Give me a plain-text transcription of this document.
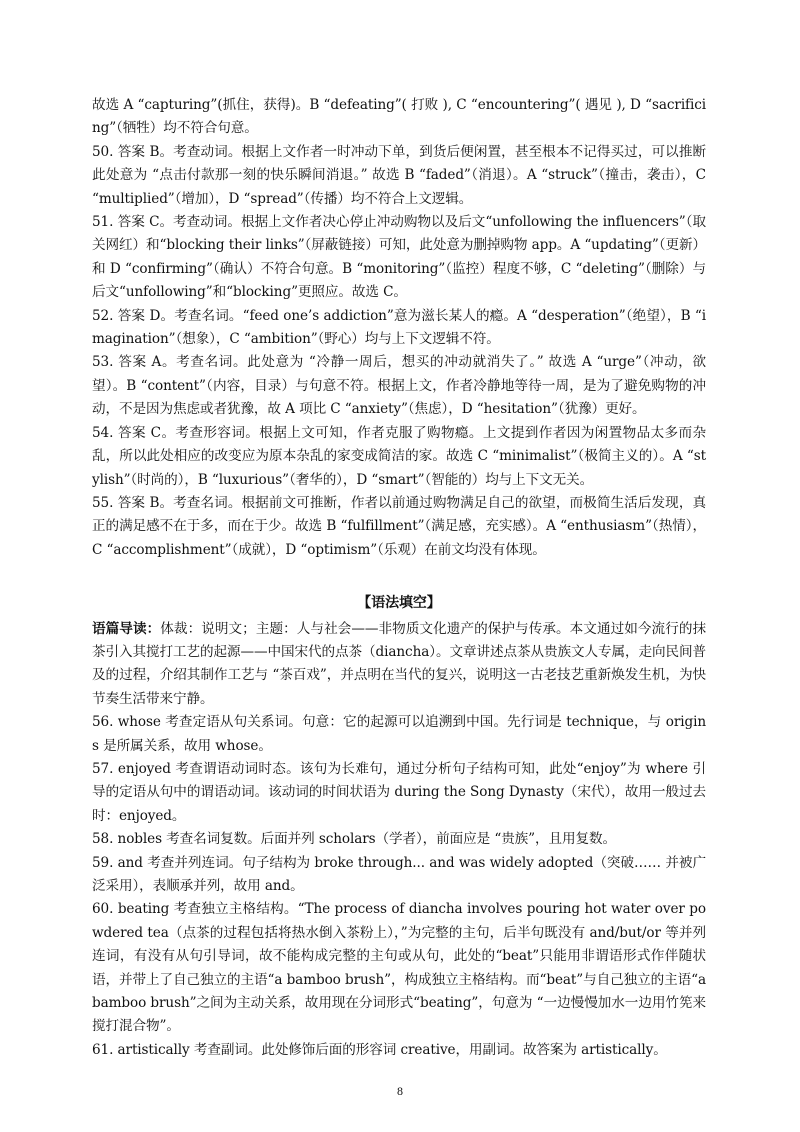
故选 A “capturing”(抓住，获得)。B “defeating”( 打败 ), C “encountering”( 遇见 ), D “sacrificing”（牺牲）均不符合句意。

50. 答案 B。考查动词。根据上文作者一时冲动下单，到货后便闲置，甚至根本不记得买过，可以推断此处意为 “点击付款那一刻的快乐瞬间消退。” 故选 B “faded”（消退）。A “struck”（撞击，袭击），C “multiplied”（增加），D “spread”（传播）均不符合上文逻辑。

51. 答案 C。考查动词。根据上文作者决心停止冲动购物以及后文“unfollowing the influencers”（取关网红）和“blocking their links”（屏蔽链接）可知，此处意为删掉购物 app。A “updating”（更新）和 D “confirming”（确认）不符合句意。B “monitoring”（监控）程度不够，C “deleting”（删除）与后文“unfollowing”和“blocking”更照应。故选 C。

52. 答案 D。考查名词。“feed one’s addiction”意为滋长某人的瘾。A “desperation”（绝望），B “imagination”（想象），C “ambition”（野心）均与上下文逻辑不符。

53. 答案 A。考查名词。此处意为 “冷静一周后，想买的冲动就消失了。” 故选 A “urge”（冲动，欲望）。B “content”（内容，目录）与句意不符。根据上文，作者冷静地等待一周，是为了避免购物的冲动，不是因为焦虑或者犹豫，故 A 项比 C “anxiety”（焦虑），D “hesitation”（犹豫）更好。

54. 答案 C。考查形容词。根据上文可知，作者克服了购物瘾。上文提到作者因为闲置物品太多而杂乱，所以此处相应的改变应为原本杂乱的家变成简洁的家。故选 C “minimalist”（极简主义的）。A “stylish”（时尚的），B “luxurious”（奢华的），D “smart”（智能的）均与上下文无关。

55. 答案 B。考查名词。根据前文可推断，作者以前通过购物满足自己的欲望，而极简生活后发现，真正的满足感不在于多，而在于少。故选 B “fulfillment”（满足感，充实感）。A “enthusiasm”（热情），C “accomplishment”（成就），D “optimism”（乐观）在前文均没有体现。

【语法填空】

语篇导读：体裁：说明文；主题：人与社会——非物质文化遗产的保护与传承。本文通过如今流行的抹茶引入其搅打工艺的起源——中国宋代的点茶（diancha）。文章讲述点茶从贵族文人专属，走向民间普及的过程，介绍其制作工艺与 “茶百戏”，并点明在当代的复兴，说明这一古老技艺重新焕发生机，为快节奏生活带来宁静。

56. whose 考查定语从句关系词。句意：它的起源可以追溯到中国。先行词是 technique，与 origins 是所属关系，故用 whose。

57. enjoyed 考查谓语动词时态。该句为长难句，通过分析句子结构可知，此处“enjoy”为 where 引导的定语从句中的谓语动词。该动词的时间状语为 during the Song Dynasty（宋代），故用一般过去时：enjoyed。

58. nobles 考查名词复数。后面并列 scholars（学者），前面应是 “贵族”，且用复数。

59. and 考查并列连词。句子结构为 broke through... and was widely adopted（突破…… 并被广泛采用），表顺承并列，故用 and。

60. beating 考查独立主格结构。“The process of diancha involves pouring hot water over powdered tea（点茶的过程包括将热水倒入茶粉上），”为完整的主句，后半句既没有 and/but/or 等并列连词，有没有从句引导词，故不能构成完整的主句或从句，此处的“beat”只能用非谓语形式作伴随状语，并带上了自己独立的主语“a bamboo brush”，构成独立主格结构。而“beat”与自己独立的主语“a bamboo brush”之间为主动关系，故用现在分词形式“beating”，句意为 “一边慢慢加水一边用竹筅来搅打混合物”。

61. artistically 考查副词。此处修饰后面的形容词 creative，用副词。故答案为 artistically。

8
